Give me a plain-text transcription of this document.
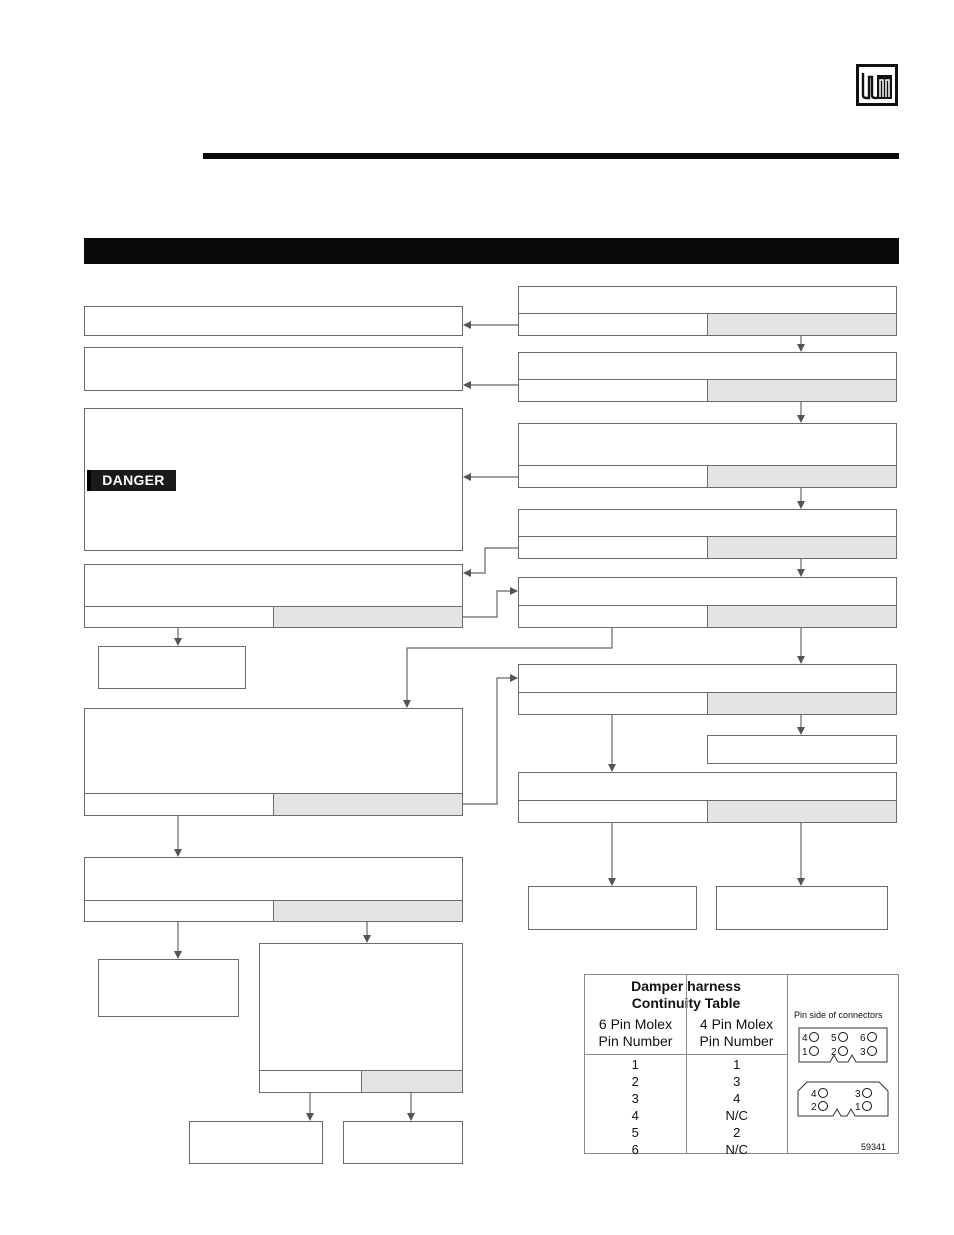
DANGER
Damper harness
Continuity Table
6 Pin Molex
Pin Number
4 Pin Molex
Pin Number
1
2
3
4
5
6
1
3
4
N/C
2
N/C
Pin side of connectors
4 5 6
1 2 3
4	3
2	1
59341
